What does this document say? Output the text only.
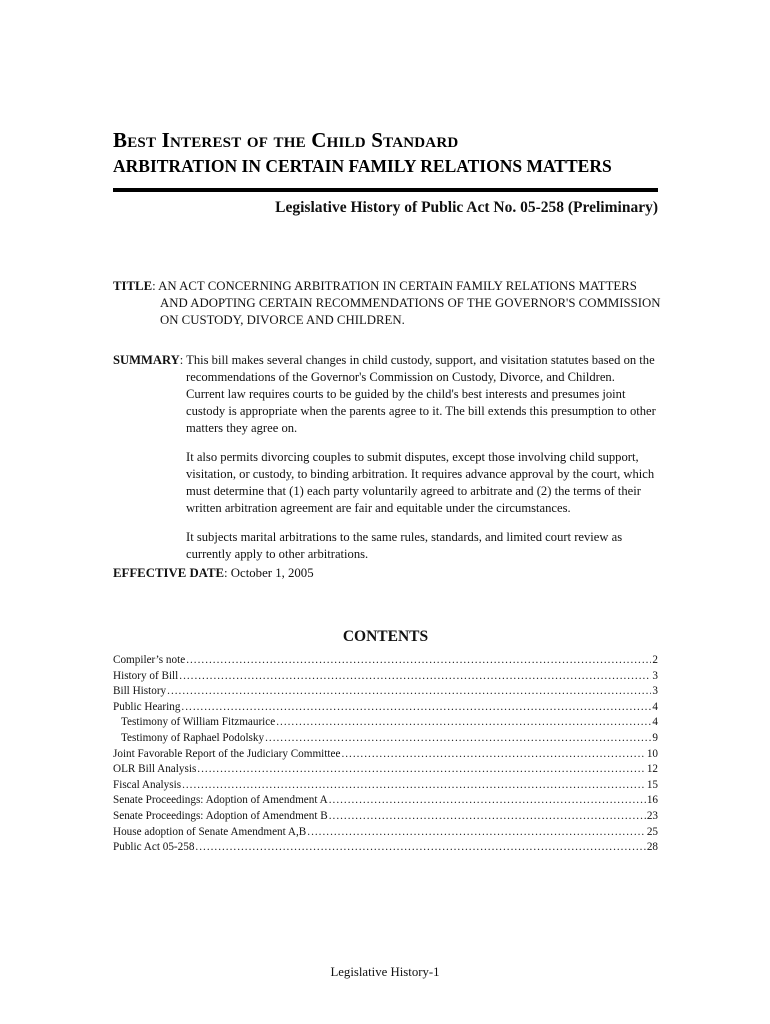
Best Interest of the Child Standard
ARBITRATION IN CERTAIN FAMILY RELATIONS MATTERS
Legislative History of Public Act No. 05-258 (Preliminary)
TITLE: AN ACT CONCERNING ARBITRATION IN CERTAIN FAMILY RELATIONS MATTERS
AND ADOPTING CERTAIN RECOMMENDATIONS OF THE GOVERNOR'S COMMISSION
ON CUSTODY, DIVORCE AND CHILDREN.
SUMMARY: This bill makes several changes in child custody, support, and visitation statutes based on the
recommendations of the Governor's Commission on Custody, Divorce, and Children.
Current law requires courts to be guided by the child's best interests and presumes joint
custody is appropriate when the parents agree to it. The bill extends this presumption to other
matters they agree on.
It also permits divorcing couples to submit disputes, except those involving child support,
visitation, or custody, to binding arbitration. It requires advance approval by the court, which
must determine that (1) each party voluntarily agreed to arbitrate and (2) the terms of their
written arbitration agreement are fair and equitable under the circumstances.
It subjects marital arbitrations to the same rules, standards, and limited court review as
currently apply to other arbitrations.
EFFECTIVE DATE: October 1, 2005
CONTENTS
Compiler’s note .....	2
History of Bill .....	3
Bill History .....	3
Public Hearing .....	4
Testimony of William Fitzmaurice .....	4
Testimony of Raphael Podolsky .....	9
Joint Favorable Report of the Judiciary Committee .....	10
OLR Bill Analysis .....	12
Fiscal Analysis .....	15
Senate Proceedings: Adoption of Amendment A .....	16
Senate Proceedings: Adoption of Amendment B .....	23
House adoption of Senate Amendment A,B .....	25
Public Act 05-258 .....	28
Legislative History-1
